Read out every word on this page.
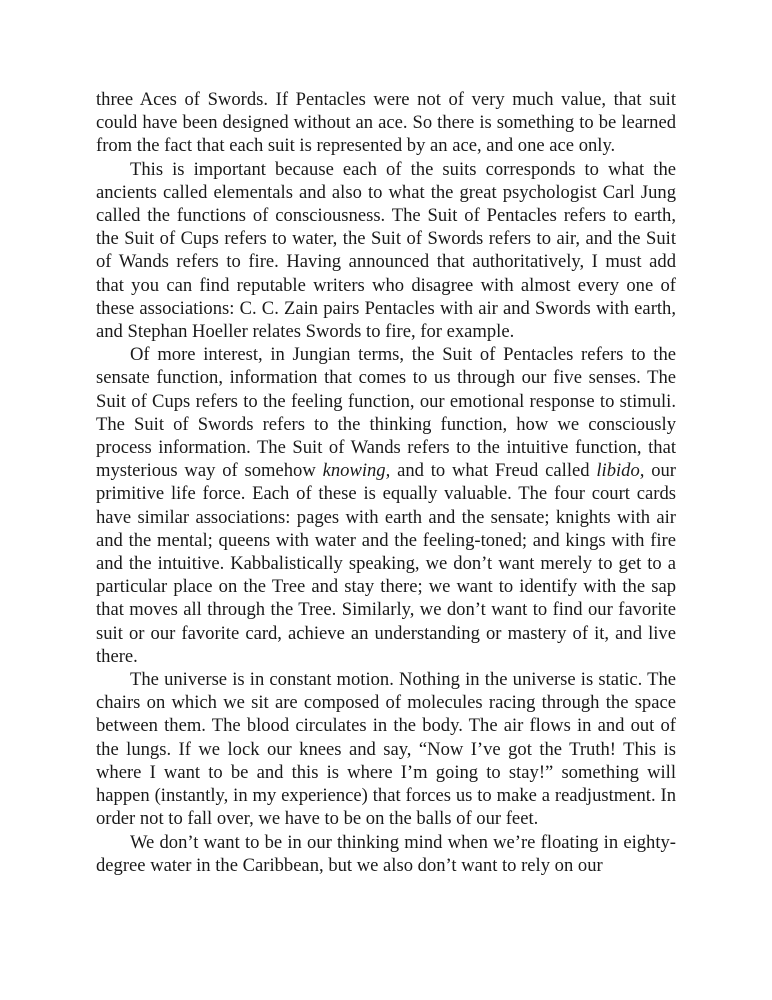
three Aces of Swords. If Pentacles were not of very much value, that suit could have been designed without an ace. So there is something to be learned from the fact that each suit is represented by an ace, and one ace only.

This is important because each of the suits corresponds to what the ancients called elementals and also to what the great psychologist Carl Jung called the functions of consciousness. The Suit of Pentacles refers to earth, the Suit of Cups refers to water, the Suit of Swords refers to air, and the Suit of Wands refers to fire. Having announced that authoritatively, I must add that you can find reputable writers who disagree with almost every one of these associations: C. C. Zain pairs Pentacles with air and Swords with earth, and Stephan Hoeller relates Swords to fire, for example.

Of more interest, in Jungian terms, the Suit of Pentacles refers to the sensate function, information that comes to us through our five senses. The Suit of Cups refers to the feeling function, our emotional response to stimuli. The Suit of Swords refers to the thinking function, how we consciously process information. The Suit of Wands refers to the intuitive function, that mysterious way of somehow knowing, and to what Freud called libido, our primitive life force. Each of these is equally valuable. The four court cards have similar associations: pages with earth and the sensate; knights with air and the mental; queens with water and the feeling-toned; and kings with fire and the intuitive. Kabbalistically speaking, we don’t want merely to get to a particular place on the Tree and stay there; we want to identify with the sap that moves all through the Tree. Similarly, we don’t want to find our favorite suit or our favorite card, achieve an understanding or mastery of it, and live there.

The universe is in constant motion. Nothing in the universe is static. The chairs on which we sit are composed of molecules racing through the space between them. The blood circulates in the body. The air flows in and out of the lungs. If we lock our knees and say, “Now I’ve got the Truth! This is where I want to be and this is where I’m going to stay!” something will happen (instantly, in my experience) that forces us to make a readjustment. In order not to fall over, we have to be on the balls of our feet.

We don’t want to be in our thinking mind when we’re floating in eighty-degree water in the Caribbean, but we also don’t want to rely on our
